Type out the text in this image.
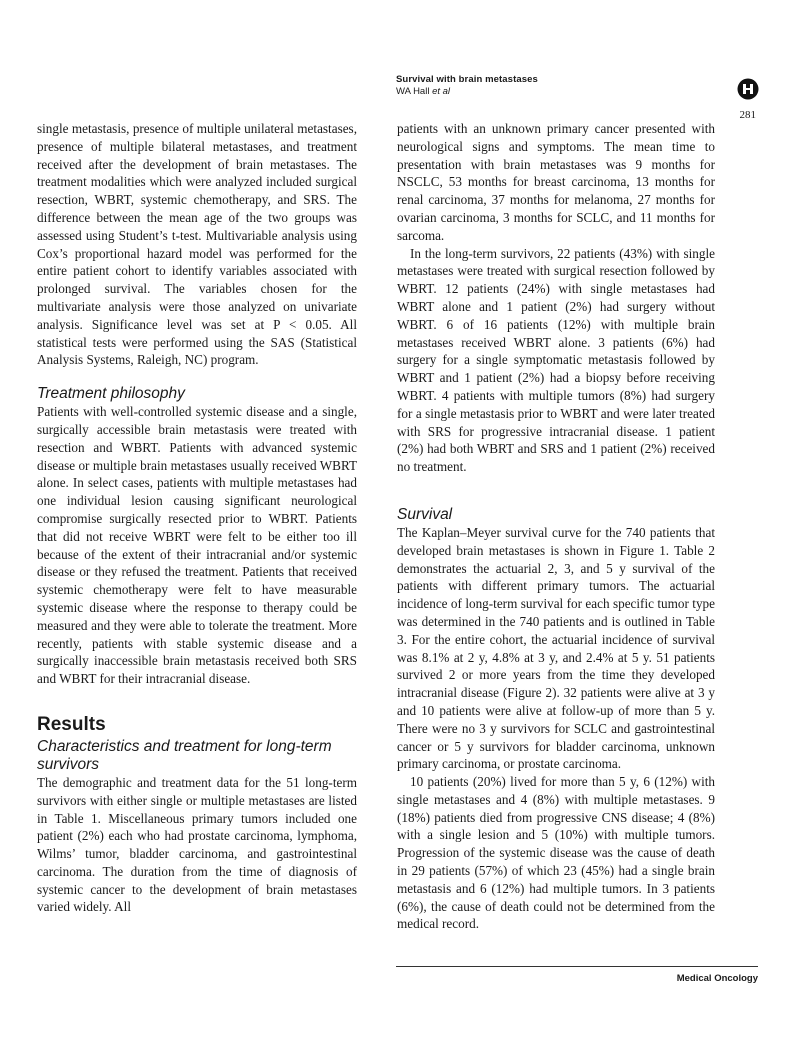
Survival with brain metastases
WA Hall et al
281

single metastasis, presence of multiple unilateral metastases, presence of multiple bilateral metastases, and treatment received after the development of brain metastases. The treatment modalities which were analyzed included surgical resection, WBRT, systemic chemotherapy, and SRS. The difference between the mean age of the two groups was assessed using Student’s t-test. Multivariable analysis using Cox’s proportional hazard model was performed for the entire patient cohort to identify variables associated with prolonged survival. The variables chosen for the multivariate analysis were those analyzed on univariate analysis. Significance level was set at P < 0.05. All statistical tests were performed using the SAS (Statistical Analysis Systems, Raleigh, NC) program.

Treatment philosophy

Patients with well-controlled systemic disease and a single, surgically accessible brain metastasis were treated with resection and WBRT. Patients with advanced systemic disease or multiple brain metastases usually received WBRT alone. In select cases, patients with multiple metastases had one individual lesion causing significant neurological compromise surgically resected prior to WBRT. Patients that did not receive WBRT were felt to be either too ill because of the extent of their intracranial and/or systemic disease or they refused the treatment. Patients that received systemic chemotherapy were felt to have measurable systemic disease where the response to therapy could be measured and they were able to tolerate the treatment. More recently, patients with stable systemic disease and a surgically inaccessible brain metastasis received both SRS and WBRT for their intracranial disease.

Results
Characteristics and treatment for long-term survivors

The demographic and treatment data for the 51 long-term survivors with either single or multiple metastases are listed in Table 1. Miscellaneous primary tumors included one patient (2%) each who had prostate carcinoma, lymphoma, Wilms’ tumor, bladder carcinoma, and gastrointestinal carcinoma. The duration from the time of diagnosis of systemic cancer to the development of brain metastases varied widely. All

patients with an unknown primary cancer presented with neurological signs and symptoms. The mean time to presentation with brain metastases was 9 months for NSCLC, 53 months for breast carcinoma, 13 months for renal carcinoma, 37 months for melanoma, 27 months for ovarian carcinoma, 3 months for SCLC, and 11 months for sarcoma.

In the long-term survivors, 22 patients (43%) with single metastases were treated with surgical resection followed by WBRT. 12 patients (24%) with single metastases had WBRT alone and 1 patient (2%) had surgery without WBRT. 6 of 16 patients (12%) with multiple brain metastases received WBRT alone. 3 patients (6%) had surgery for a single symptomatic metastasis followed by WBRT and 1 patient (2%) had a biopsy before receiving WBRT. 4 patients with multiple tumors (8%) had surgery for a single metastasis prior to WBRT and were later treated with SRS for progressive intracranial disease. 1 patient (2%) had both WBRT and SRS and 1 patient (2%) received no treatment.

Survival

The Kaplan–Meyer survival curve for the 740 patients that developed brain metastases is shown in Figure 1. Table 2 demonstrates the actuarial 2, 3, and 5 y survival of the patients with different primary tumors. The actuarial incidence of long-term survival for each specific tumor type was determined in the 740 patients and is outlined in Table 3. For the entire cohort, the actuarial incidence of survival was 8.1% at 2 y, 4.8% at 3 y, and 2.4% at 5 y. 51 patients survived 2 or more years from the time they developed intracranial disease (Figure 2). 32 patients were alive at 3 y and 10 patients were alive at follow-up of more than 5 y. There were no 3 y survivors for SCLC and gastrointestinal cancer or 5 y survivors for bladder carcinoma, unknown primary carcinoma, or prostate carcinoma.

10 patients (20%) lived for more than 5 y, 6 (12%) with single metastases and 4 (8%) with multiple metastases. 9 (18%) patients died from progressive CNS disease; 4 (8%) with a single lesion and 5 (10%) with multiple tumors. Progression of the systemic disease was the cause of death in 29 patients (57%) of which 23 (45%) had a single brain metastasis and 6 (12%) had multiple tumors. In 3 patients (6%), the cause of death could not be determined from the medical record.

Medical Oncology
